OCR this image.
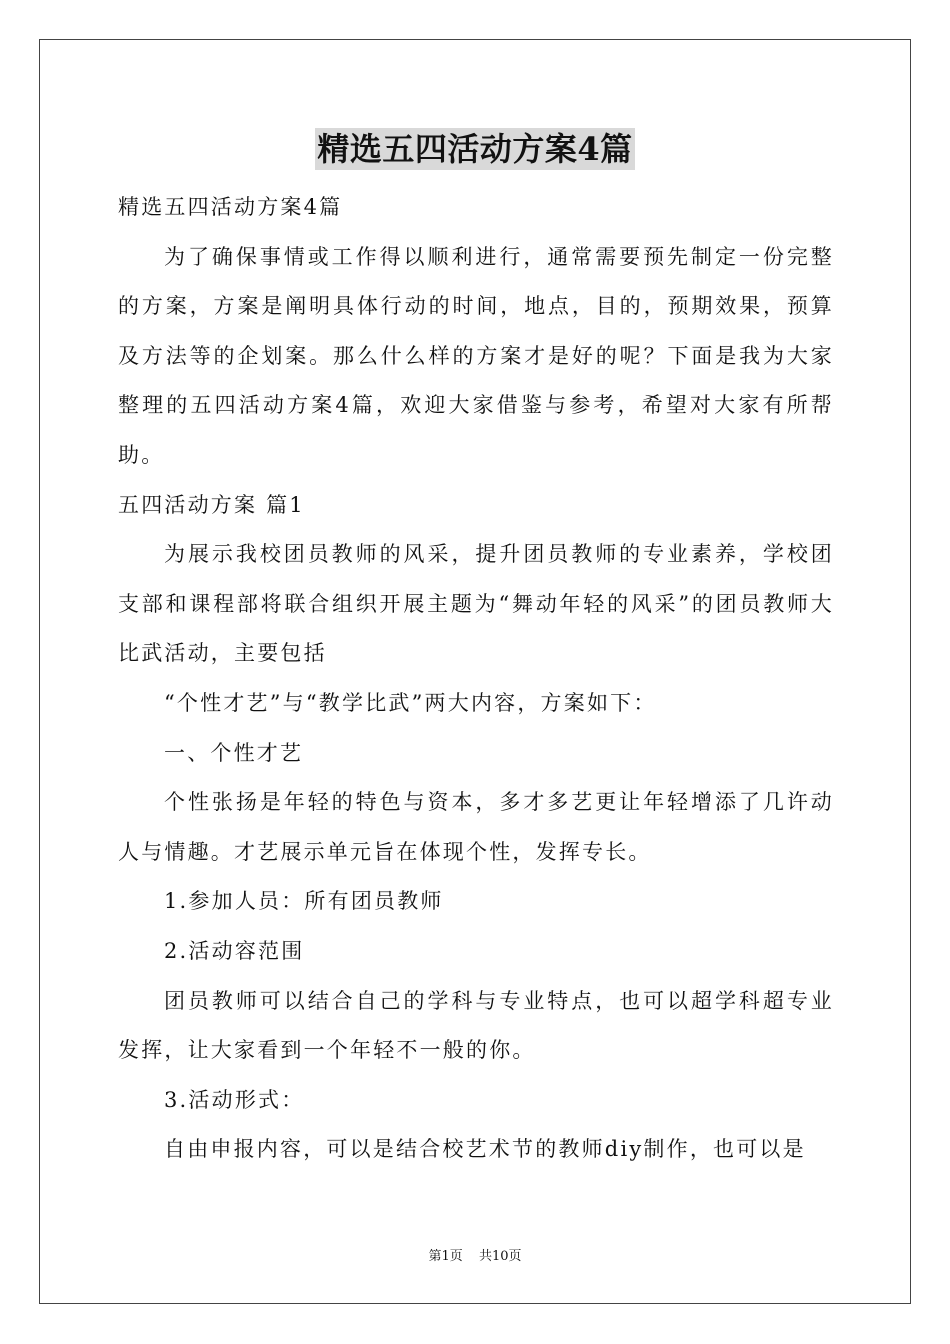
精选五四活动方案4篇

精选五四活动方案4篇

为了确保事情或工作得以顺利进行，通常需要预先制定一份完整的方案，方案是阐明具体行动的时间，地点，目的，预期效果，预算及方法等的企划案。那么什么样的方案才是好的呢？下面是我为大家整理的五四活动方案4篇，欢迎大家借鉴与参考，希望对大家有所帮助。

五四活动方案 篇1

为展示我校团员教师的风采，提升团员教师的专业素养，学校团支部和课程部将联合组织开展主题为“舞动年轻的风采”的团员教师大比武活动，主要包括

“个性才艺”与“教学比武”两大内容，方案如下：

一、个性才艺

个性张扬是年轻的特色与资本，多才多艺更让年轻增添了几许动人与情趣。才艺展示单元旨在体现个性，发挥专长。

1.参加人员：所有团员教师

2.活动容范围

团员教师可以结合自己的学科与专业特点，也可以超学科超专业发挥，让大家看到一个年轻不一般的你。

3.活动形式：

自由申报内容，可以是结合校艺术节的教师diy制作，也可以是

第1页 共10页
